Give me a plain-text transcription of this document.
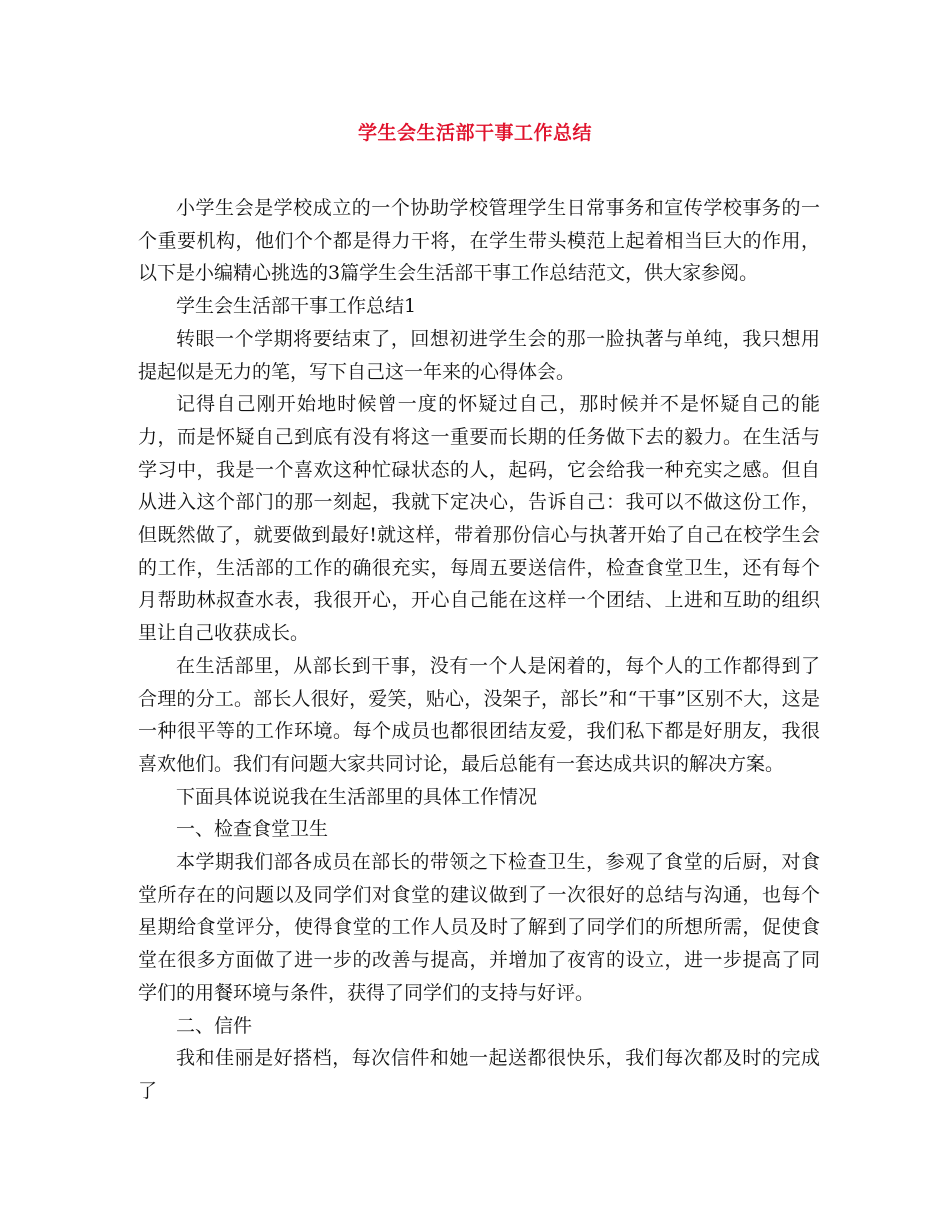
学生会生活部干事工作总结

小学生会是学校成立的一个协助学校管理学生日常事务和宣传学校事务的一个重要机构，他们个个都是得力干将，在学生带头模范上起着相当巨大的作用，以下是小编精心挑选的3篇学生会生活部干事工作总结范文，供大家参阅。

学生会生活部干事工作总结1

转眼一个学期将要结束了，回想初进学生会的那一脸执著与单纯，我只想用提起似是无力的笔，写下自己这一年来的心得体会。

记得自己刚开始地时候曾一度的怀疑过自己，那时候并不是怀疑自己的能力，而是怀疑自己到底有没有将这一重要而长期的任务做下去的毅力。在生活与学习中，我是一个喜欢这种忙碌状态的人，起码，它会给我一种充实之感。但自从进入这个部门的那一刻起，我就下定决心，告诉自己：我可以不做这份工作，但既然做了，就要做到最好!就这样，带着那份信心与执著开始了自己在校学生会的工作，生活部的工作的确很充实，每周五要送信件，检查食堂卫生，还有每个月帮助林叔查水表，我很开心，开心自己能在这样一个团结、上进和互助的组织里让自己收获成长。

在生活部里，从部长到干事，没有一个人是闲着的，每个人的工作都得到了合理的分工。部长人很好，爱笑，贴心，没架子，部长”和“干事”区别不大，这是一种很平等的工作环境。每个成员也都很团结友爱，我们私下都是好朋友，我很喜欢他们。我们有问题大家共同讨论，最后总能有一套达成共识的解决方案。

下面具体说说我在生活部里的具体工作情况

一、检查食堂卫生

本学期我们部各成员在部长的带领之下检查卫生，参观了食堂的后厨，对食堂所存在的问题以及同学们对食堂的建议做到了一次很好的总结与沟通，也每个星期给食堂评分，使得食堂的工作人员及时了解到了同学们的所想所需，促使食堂在很多方面做了进一步的改善与提高，并增加了夜宵的设立，进一步提高了同学们的用餐环境与条件，获得了同学们的支持与好评。

二、信件

我和佳丽是好搭档，每次信件和她一起送都很快乐，我们每次都及时的完成了
